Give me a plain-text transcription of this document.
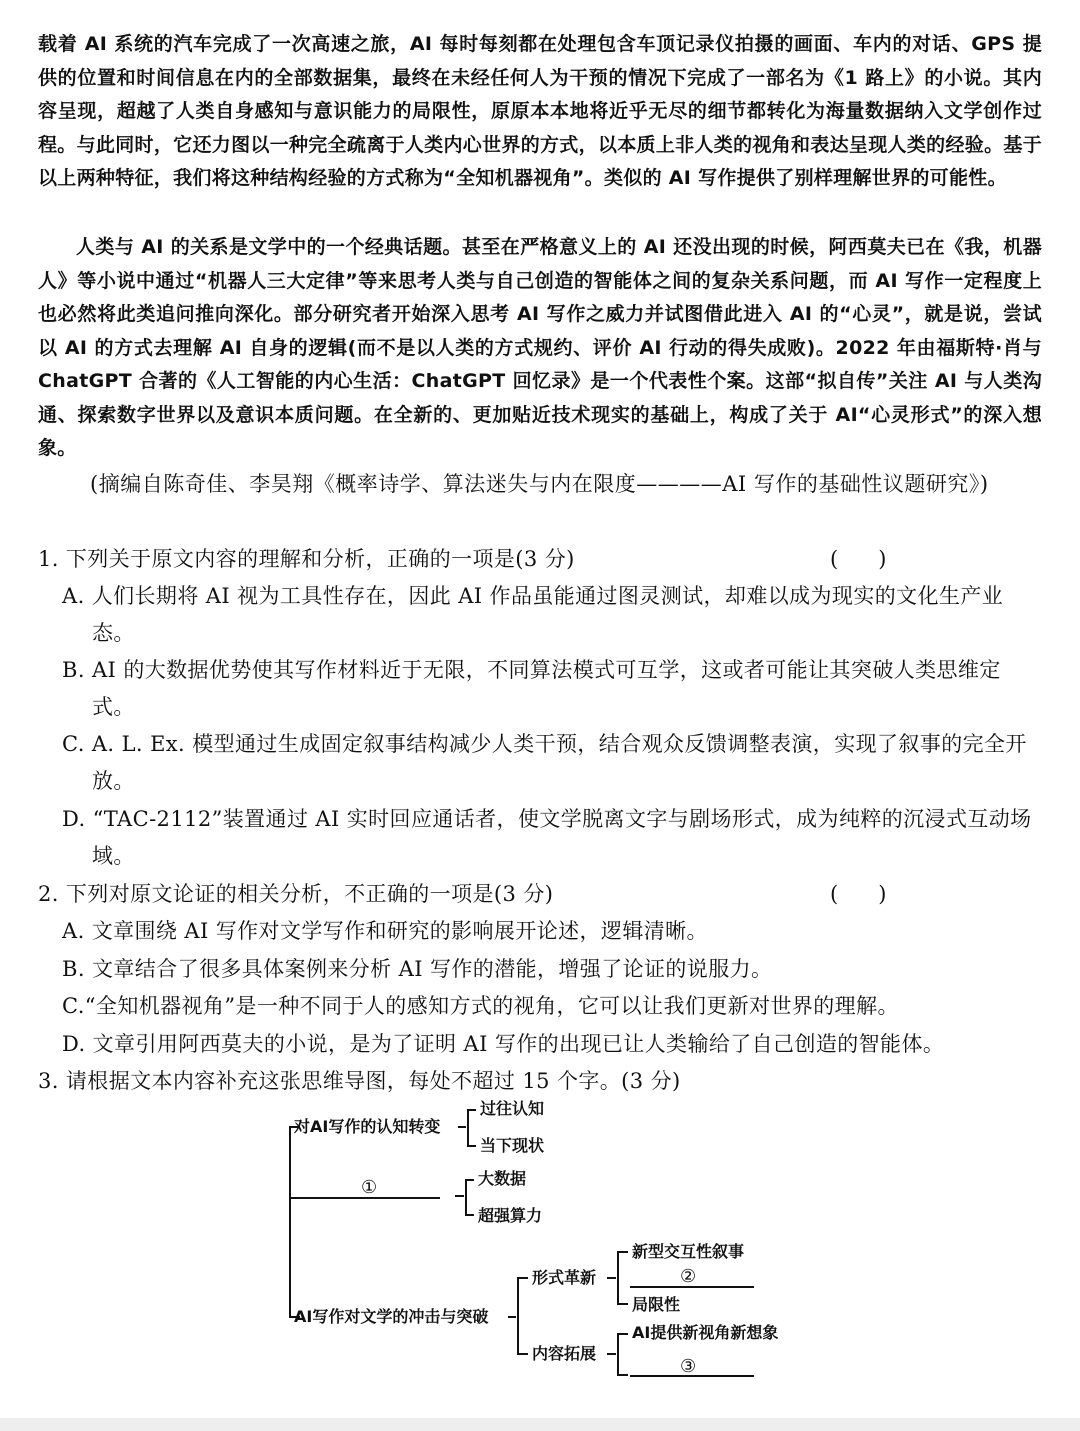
载着 AI 系统的汽车完成了一次高速之旅，AI 每时每刻都在处理包含车顶记录仪拍摄的画面、车内的对话、GPS 提供的位置和时间信息在内的全部数据集，最终在未经任何人为干预的情况下完成了一部名为《1 路上》的小说。其内容呈现，超越了人类自身感知与意识能力的局限性，原原本本地将近乎无尽的细节都转化为海量数据纳入文学创作过程。与此同时，它还力图以一种完全疏离于人类内心世界的方式，以本质上非人类的视角和表达呈现人类的经验。基于以上两种特征，我们将这种结构经验的方式称为“全知机器视角”。类似的 AI 写作提供了别样理解世界的可能性。
人类与 AI 的关系是文学中的一个经典话题。甚至在严格意义上的 AI 还没出现的时候，阿西莫夫已在《我，机器人》等小说中通过“机器人三大定律”等来思考人类与自己创造的智能体之间的复杂关系问题，而 AI 写作一定程度上也必然将此类追问推向深化。部分研究者开始深入思考 AI 写作之威力并试图借此进入 AI 的“心灵”，就是说，尝试以 AI 的方式去理解 AI 自身的逻辑(而不是以人类的方式规约、评价 AI 行动的得失成败)。2022 年由福斯特·肖与 ChatGPT 合著的《人工智能的内心生活：ChatGPT 回忆录》是一个代表性个案。这部“拟自传”关注 AI 与人类沟通、探索数字世界以及意识本质问题。在全新的、更加贴近技术现实的基础上，构成了关于 AI“心灵形式”的深入想象。
(摘编自陈奇佳、李昊翔《概率诗学、算法迷失与内在限度————AI 写作的基础性议题研究》)
1. 下列关于原文内容的理解和分析，正确的一项是(3 分)	(      )
A. 人们长期将 AI 视为工具性存在，因此 AI 作品虽能通过图灵测试，却难以成为现实的文化生产业态。
B. AI 的大数据优势使其写作材料近于无限，不同算法模式可互学，这或者可能让其突破人类思维定式。
C. A. L. Ex. 模型通过生成固定叙事结构减少人类干预，结合观众反馈调整表演，实现了叙事的完全开放。
D. “TAC-2112”装置通过 AI 实时回应通话者，使文学脱离文字与剧场形式，成为纯粹的沉浸式互动场域。
2. 下列对原文论证的相关分析，不正确的一项是(3 分)	(      )
A. 文章围绕 AI 写作对文学写作和研究的影响展开论述，逻辑清晰。
B. 文章结合了很多具体案例来分析 AI 写作的潜能，增强了论证的说服力。
C.“全知机器视角”是一种不同于人的感知方式的视角，它可以让我们更新对世界的理解。
D. 文章引用阿西莫夫的小说，是为了证明 AI 写作的出现已让人类输给了自己创造的智能体。
3. 请根据文本内容补充这张思维导图，每处不超过 15 个字。(3 分)
对AI写作的认知转变
过往认知
当下现状
①	大数据
超强算力
AI写作对文学的冲击与突破
形式革新
新型交互性叙事
②
局限性
内容拓展
AI提供新视角新想象
③
